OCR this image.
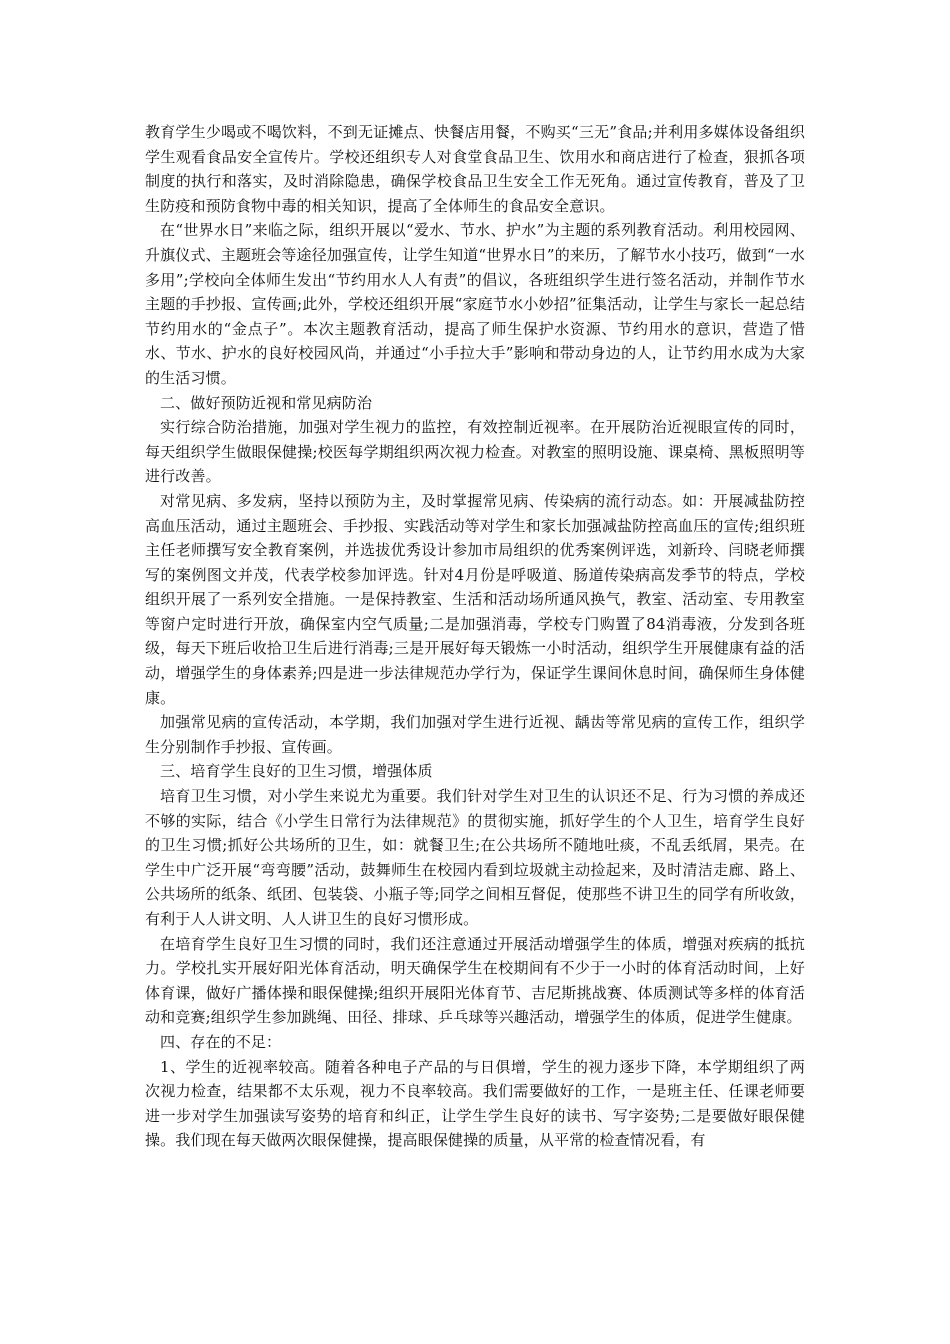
教育学生少喝或不喝饮料，不到无证摊点、快餐店用餐，不购买“三无”食品;并利用多媒体设备组织学生观看食品安全宣传片。学校还组织专人对食堂食品卫生、饮用水和商店进行了检查，狠抓各项制度的执行和落实，及时消除隐患，确保学校食品卫生安全工作无死角。通过宣传教育，普及了卫生防疫和预防食物中毒的相关知识，提高了全体师生的食品安全意识。

在“世界水日”来临之际，组织开展以“爱水、节水、护水”为主题的系列教育活动。利用校园网、升旗仪式、主题班会等途径加强宣传，让学生知道“世界水日”的来历，了解节水小技巧，做到“一水多用”;学校向全体师生发出“节约用水人人有责”的倡议，各班组织学生进行签名活动，并制作节水主题的手抄报、宣传画;此外，学校还组织开展“家庭节水小妙招”征集活动，让学生与家长一起总结节约用水的“金点子”。本次主题教育活动，提高了师生保护水资源、节约用水的意识，营造了惜水、节水、护水的良好校园风尚，并通过“小手拉大手”影响和带动身边的人，让节约用水成为大家的生活习惯。

二、做好预防近视和常见病防治

实行综合防治措施，加强对学生视力的监控，有效控制近视率。在开展防治近视眼宣传的同时，每天组织学生做眼保健操;校医每学期组织两次视力检查。对教室的照明设施、课桌椅、黑板照明等进行改善。

对常见病、多发病，坚持以预防为主，及时掌握常见病、传染病的流行动态。如：开展减盐防控高血压活动，通过主题班会、手抄报、实践活动等对学生和家长加强减盐防控高血压的宣传;组织班主任老师撰写安全教育案例，并选拔优秀设计参加市局组织的优秀案例评选，刘新玲、闫晓老师撰写的案例图文并茂，代表学校参加评选。针对4月份是呼吸道、肠道传染病高发季节的特点，学校组织开展了一系列安全措施。一是保持教室、生活和活动场所通风换气，教室、活动室、专用教室等窗户定时进行开放，确保室内空气质量;二是加强消毒，学校专门购置了84消毒液，分发到各班级，每天下班后收拾卫生后进行消毒;三是开展好每天锻炼一小时活动，组织学生开展健康有益的活动，增强学生的身体素养;四是进一步法律规范办学行为，保证学生课间休息时间，确保师生身体健康。

加强常见病的宣传活动，本学期，我们加强对学生进行近视、龋齿等常见病的宣传工作，组织学生分别制作手抄报、宣传画。

三、培育学生良好的卫生习惯，增强体质

培育卫生习惯，对小学生来说尤为重要。我们针对学生对卫生的认识还不足、行为习惯的养成还不够的实际，结合《小学生日常行为法律规范》的贯彻实施，抓好学生的个人卫生，培育学生良好的卫生习惯;抓好公共场所的卫生，如：就餐卫生;在公共场所不随地吐痰，不乱丢纸屑，果壳。在学生中广泛开展“弯弯腰”活动，鼓舞师生在校园内看到垃圾就主动捡起来，及时清洁走廊、路上、公共场所的纸条、纸团、包装袋、小瓶子等;同学之间相互督促，使那些不讲卫生的同学有所收敛，有利于人人讲文明、人人讲卫生的良好习惯形成。

在培育学生良好卫生习惯的同时，我们还注意通过开展活动增强学生的体质，增强对疾病的抵抗力。学校扎实开展好阳光体育活动，明天确保学生在校期间有不少于一小时的体育活动时间，上好体育课，做好广播体操和眼保健操;组织开展阳光体育节、吉尼斯挑战赛、体质测试等多样的体育活动和竞赛;组织学生参加跳绳、田径、排球、乒乓球等兴趣活动，增强学生的体质，促进学生健康。

四、存在的不足：

1、学生的近视率较高。随着各种电子产品的与日俱增，学生的视力逐步下降，本学期组织了两次视力检查，结果都不太乐观，视力不良率较高。我们需要做好的工作，一是班主任、任课老师要进一步对学生加强读写姿势的培育和纠正，让学生学生良好的读书、写字姿势;二是要做好眼保健操。我们现在每天做两次眼保健操，提高眼保健操的质量，从平常的检查情况看，有
